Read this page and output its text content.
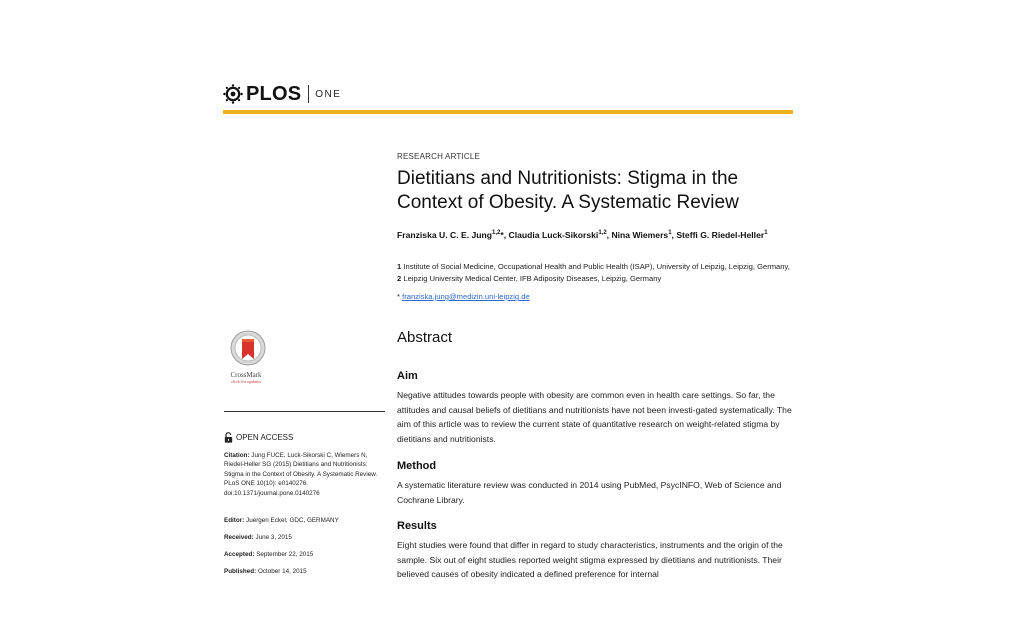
PLOS ONE
RESEARCH ARTICLE
Dietitians and Nutritionists: Stigma in the Context of Obesity. A Systematic Review
Franziska U. C. E. Jung$^{1,2}$*, Claudia Luck-Sikorski$^{1,2}$, Nina Wiemers$^1$, Steffi G. Riedel-Heller$^1$
1 Institute of Social Medicine, Occupational Health and Public Health (ISAP), University of Leipzig, Leipzig, Germany, 2 Leipzig University Medical Center, IFB Adiposity Diseases, Leipzig, Germany
* franziska.jung@medizin.uni-leipzig.de
Abstract
Aim

Negative attitudes towards people with obesity are common even in health care settings. So far, the attitudes and causal beliefs of dietitians and nutritionists have not been investi-gated systematically. The aim of this article was to review the current state of quantitative research on weight-related stigma by dietitians and nutritionists.

Method

A systematic literature review was conducted in 2014 using PubMed, PsycINFO, Web of Science and Cochrane Library.

Results

Eight studies were found that differ in regard to study characteristics, instruments and the origin of the sample. Six out of eight studies reported weight stigma expressed by dietitians and nutritionists. Their believed causes of obesity indicated a defined preference for internal

CrossMark
click for updates
OPEN ACCESS
Citation: Jung FUCE, Luck-Sikorski C, Wiemers N, Riedel-Heller SG (2015) Dietitians and Nutritionists: Stigma in the Context of Obesity. A Systematic Review. PLoS ONE 10(10): e0140276. doi:10.1371/journal.pone.0140276
Editor: Juergen Eckel, GDC, GERMANY
Received: June 3, 2015
Accepted: September 22, 2015
Published: October 14, 2015
